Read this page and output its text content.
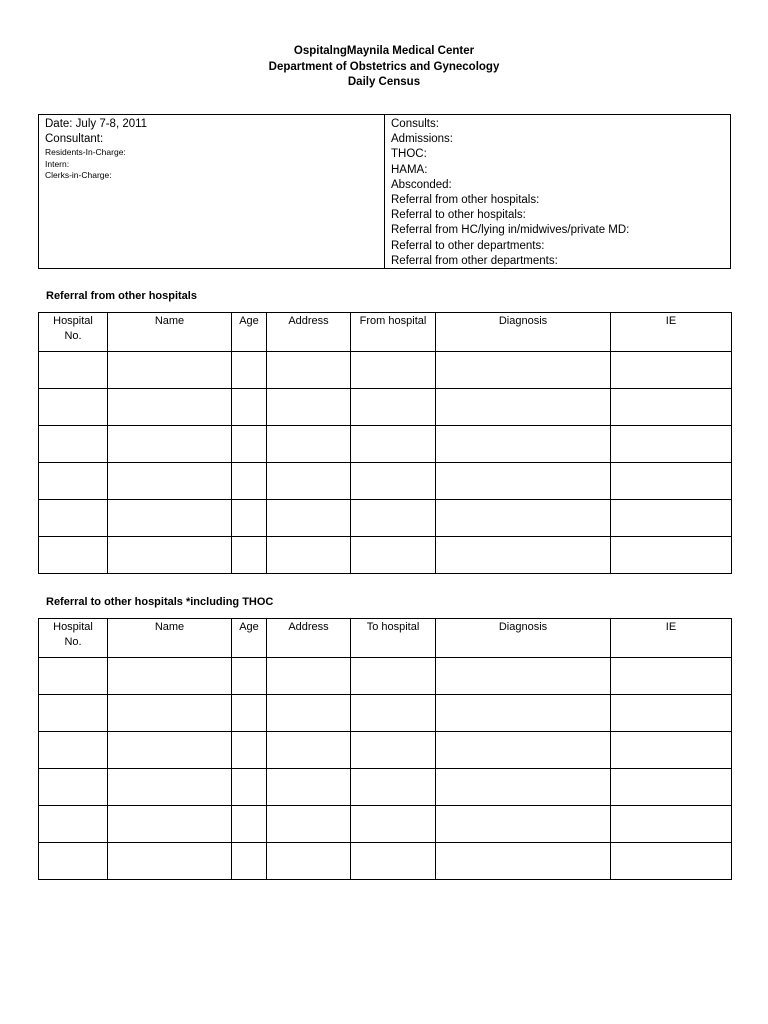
OspitalngMaynila Medical Center
Department of Obstetrics and Gynecology
Daily Census
Date: July 7-8, 2011
Consultant:
Residents-In-Charge:
Intern:
Clerks-in-Charge:
Consults:
Admissions:
THOC:
HAMA:
Absconded:
Referral from other hospitals:
Referral to other hospitals:
Referral from HC/lying in/midwives/private MD:
Referral to other departments:
Referral from other departments:
Referral from other hospitals
Hospital No.	Name	Age	Address	From hospital	Diagnosis	IE

Referral to other hospitals *including THOC
Hospital No.	Name	Age	Address	To hospital	Diagnosis	IE
